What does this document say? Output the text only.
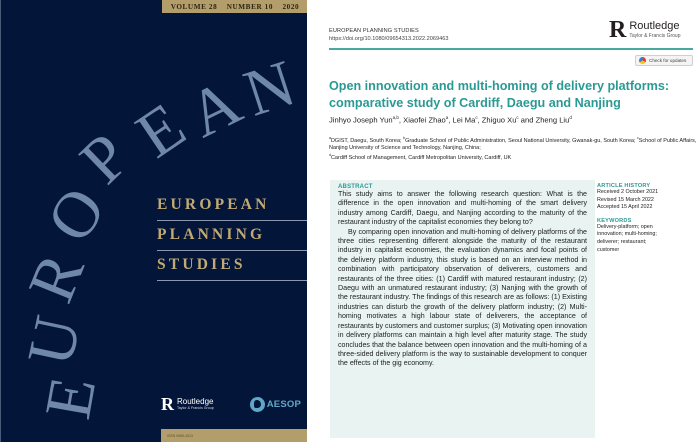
VOLUME 28 NUMBER 10 2020
E
U
R
O
P
E
A
N
EUROPEAN
PLANNING
STUDIES
R Routledge
Taylor & Francis Group	AESOP
ISSN 0965-4313
EUROPEAN PLANNING STUDIES
https://doi.org/10.1080/09654313.2022.2069463	R Routledge
Taylor & Francis Group
Check for updates
Open innovation and multi-homing of delivery platforms: comparative study of Cardiff, Daegu and Nanjing
Jinhyo Joseph Yun$^{a,b}$, Xiaofei Zhao$^a$, Lei Ma$^c$, Zhiguo Xu$^c$ and Zheng Liu$^d$
$^a$DGIST, Daegu, South Korea; $^b$Graduate School of Public Administration, Seoul National University, Gwanak-gu, South Korea; $^c$School of Public Affairs, Nanjing University of Science and Technology, Nanjing, China;
$^d$Cardiff School of Management, Cardiff Metropolitan University, Cardiff, UK
ABSTRACT

This study aims to answer the following research question: What is the difference in the open innovation and multi-homing of the smart delivery industry among Cardiff, Daegu, and Nanjing according to the maturity of the restaurant industry of the capitalist economies they belong to?

By comparing open innovation and multi-homing of delivery platforms of the three cities representing different alongside the maturity of the restaurant industry in capitalist economies, the evaluation dynamics and focal points of the delivery platform industry, this study is based on an interview method in combination with participatory observation of deliverers, customers and restaurants of the three cities: (1) Cardiff with matured restaurant industry; (2) Daegu with an unmatured restaurant industry; (3) Nanjing with the growth of the restaurant industry. The findings of this research are as follows: (1) Existing industries can disturb the growth of the delivery platform industry; (2) Multi-homing motivates a high labour state of deliverers, the acceptance of restaurants by customers and customer surplus; (3) Motivating open innovation in delivery platforms can maintain a high level after maturity stage. The study concludes that the balance between open innovation and the multi-homing of a three-sided delivery platform is the way to sustainable development to conquer the effects of the gig economy.

ARTICLE HISTORY
Received 2 October 2021
Revised 15 March 2022
Accepted 15 April 2022
KEYWORDS
Delivery-platform; open
innovation; multi-homing;
deliverer; restaurant;
customer
